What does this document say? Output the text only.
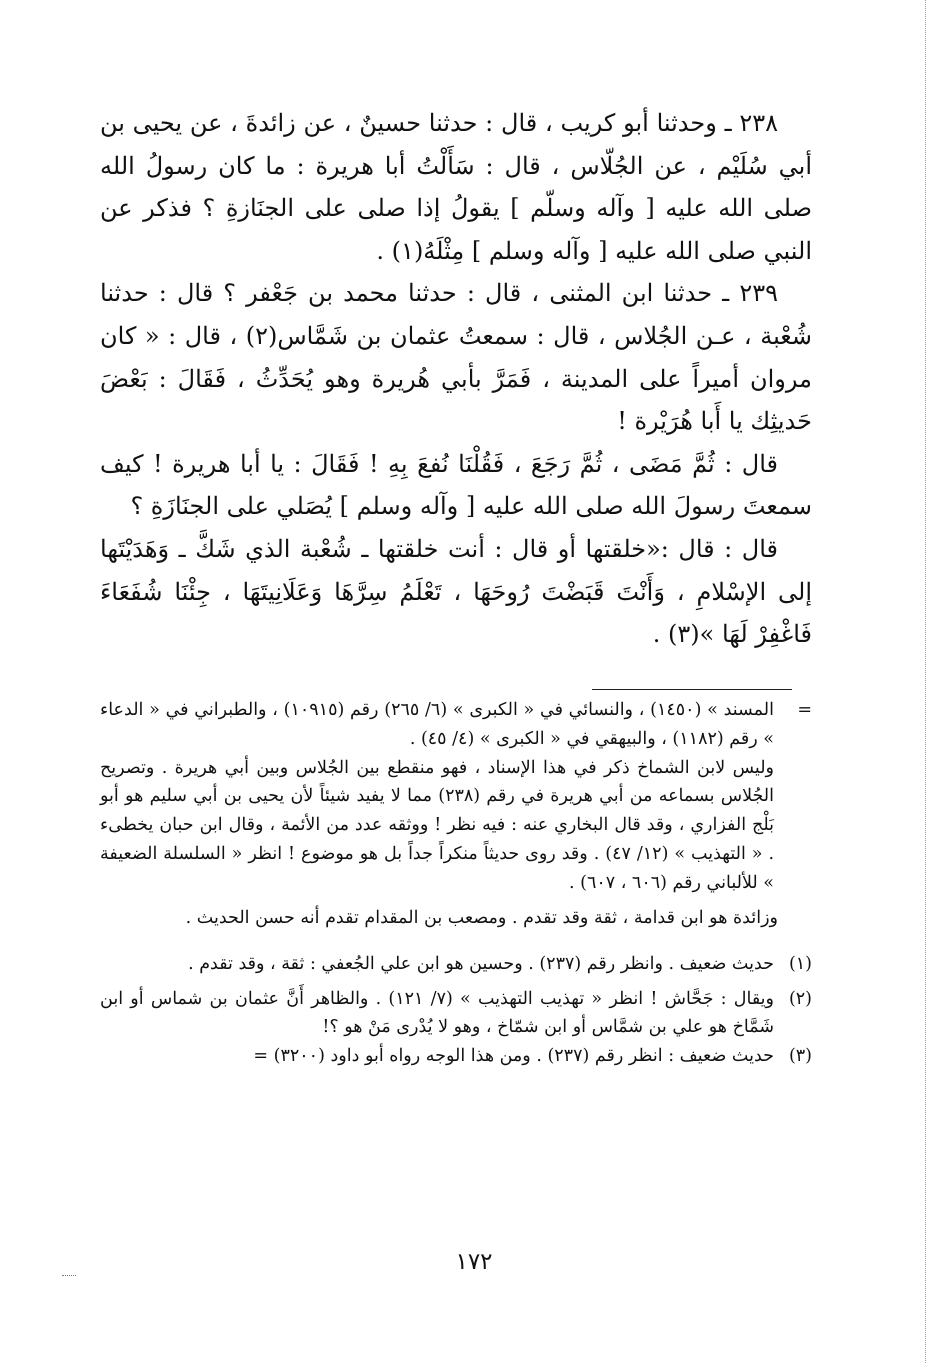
٢٣٨ ـ وحدثنا أبو كريب ، قال : حدثنا حسينٌ ، عن زائدةَ ، عن يحيى بن أبي سُلَيْم ، عن الجُلّاس ، قال : سَأَلْتُ أبا هريرة : ما كان رسولُ الله صلى الله عليه [ وآله وسلّم ] يقولُ إذا صلى على الجنَازةِ ؟ فذكر عن النبي صلى الله عليه [ وآله وسلم ] مِثْلَهُ(١) .

٢٣٩ ـ حدثنا ابن المثنى ، قال : حدثنا محمد بن جَعْفر ؟ قال : حدثنا شُعْبة ، عـن الجُلاس ، قال : سمعتُ عثمان بن شَمَّاس(٢) ، قال : « كان مروان أميراً على المدينة ، فَمَرَّ بأبي هُريرة وهو يُحَدِّثُ ، فَقَالَ : بَعْضَ حَديثِك يا أَبا هُرَيْرة !

قال : ثُمَّ مَضَى ، ثُمَّ رَجَعَ ، فَقُلْنَا نُفعَ بِهِ ! فَقَالَ : يا أبا هريرة ! كيف سمعتَ رسولَ الله صلى الله عليه [ وآله وسلم ] يُصَلي على الجنَازَةِ ؟

قال : قال :«خلقتها أو قال : أنت خلقتها ـ شُعْبة الذي شَكَّ ـ وَهَدَيْتَها إلى الإسْلامِ ، وَأَنْتَ قَبَضْتَ رُوحَهَا ، تَعْلَمُ سِرَّهَا وَعَلَانِيتَهَا ، جِئْنَا شُفَعَاءَ فَاغْفِرْ لَهَا »(٣) .

=

المسند » (١٤٥٠) ، والنسائي في « الكبرى » (٦/ ٢٦٥) رقم (١٠٩١٥) ، والطبراني في « الدعاء » رقم (١١٨٢) ، والبيهقي في « الكبرى » (٤/ ٤٥) .

وليس لابن الشماخ ذكر في هذا الإسناد ، فهو منقطع بين الجُلاس وبين أبي هريرة . وتصريح الجُلاس بسماعه من أبي هريرة في رقم (٢٣٨) مما لا يفيد شيئاً لأن يحيى بن أبي سليم هو أبو بَلْج الفزاري ، وقد قال البخاري عنه : فيه نظر ! ووثقه عدد من الأئمة ، وقال ابن حبان يخطىء . « التهذيب » (١٢/ ٤٧) . وقد روى حديثاً منكراً جداً بل هو موضوع ! انظر « السلسلة الضعيفة » للألباني رقم (٦٠٦ ، ٦٠٧) .

وزائدة هو ابن قدامة ، ثقة وقد تقدم . ومصعب بن المقدام تقدم أنه حسن الحديث .

(١)

حديث ضعيف . وانظر رقم (٢٣٧) . وحسين هو ابن علي الجُعفي : ثقة ، وقد تقدم .

(٢)

ويقال : جَحَّاش ! انظر « تهذيب التهذيب » (٧/ ١٢١) . والظاهر أَنَّ عثمان بن شماس أو ابن شَمَّاخ هو علي بن شمَّاس أو ابن شمّاخ ، وهو لا يُدْرى مَنْ هو ؟!

(٣)

حديث ضعيف : انظر رقم (٢٣٧) . ومن هذا الوجه رواه أبو داود (٣٢٠٠) =

١٧٢
